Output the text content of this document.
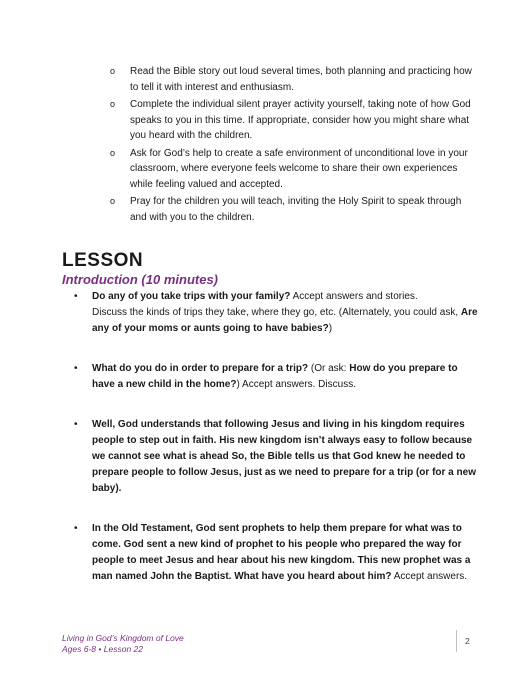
o Read the Bible story out loud several times, both planning and practicing how to tell it with interest and enthusiasm.
o Complete the individual silent prayer activity yourself, taking note of how God speaks to you in this time. If appropriate, consider how you might share what you heard with the children.
o Ask for God’s help to create a safe environment of unconditional love in your classroom, where everyone feels welcome to share their own experiences while feeling valued and accepted.
o Pray for the children you will teach, inviting the Holy Spirit to speak through and with you to the children.
LESSON
Introduction (10 minutes)
• Do any of you take trips with your family? Accept answers and stories.
Discuss the kinds of trips they take, where they go, etc. (Alternately, you could ask, Are any of your moms or aunts going to have babies?)
• What do you do in order to prepare for a trip? (Or ask: How do you prepare to have a new child in the home?) Accept answers. Discuss.
• Well, God understands that following Jesus and living in his kingdom requires people to step out in faith. His new kingdom isn’t always easy to follow because we cannot see what is ahead So, the Bible tells us that God knew he needed to prepare people to follow Jesus, just as we need to prepare for a trip (or for a new baby).
• In the Old Testament, God sent prophets to help them prepare for what was to come. God sent a new kind of prophet to his people who prepared the way for people to meet Jesus and hear about his new kingdom. This new prophet was a man named John the Baptist. What have you heard about him? Accept answers.
Living in God’s Kingdom of Love
Ages 6-8 • Lesson 22
2
